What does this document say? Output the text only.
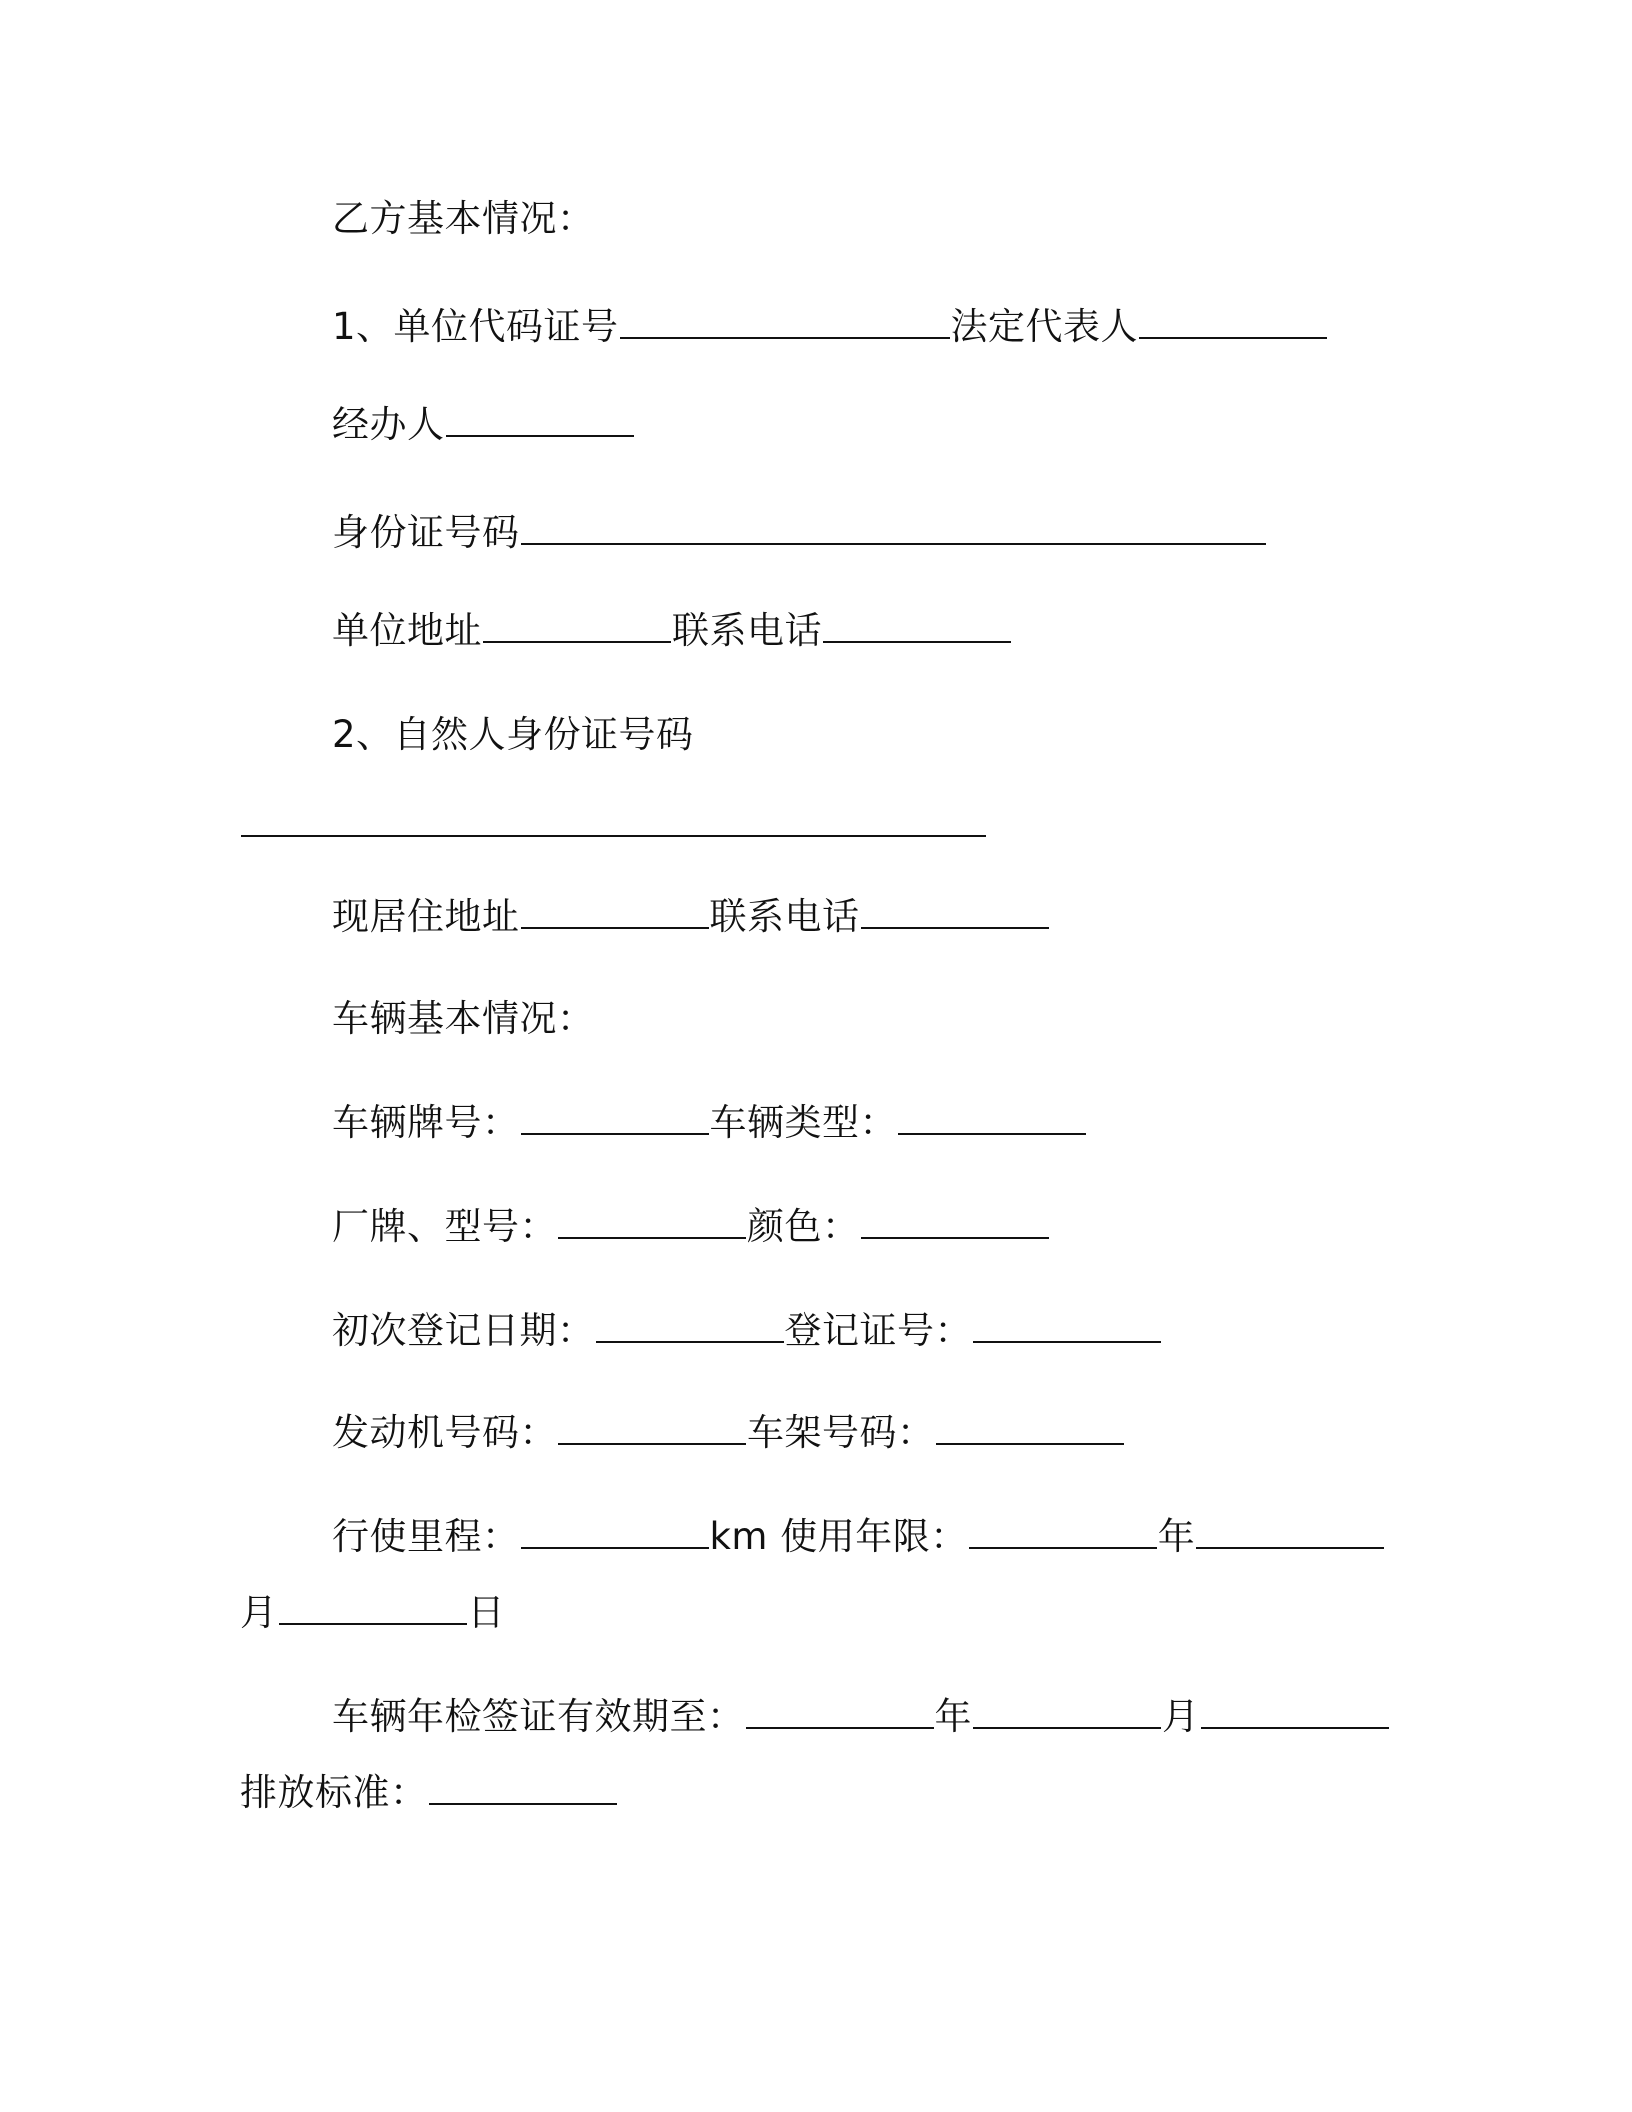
乙方基本情况：
1、单位代码证号	法定代表人
经办人
身份证号码
单位地址	联系电话
2、自然人身份证号码
现居住地址	联系电话
车辆基本情况：
车辆牌号：	车辆类型：
厂牌、型号：	颜色：
初次登记日期：	登记证号：
发动机号码：	车架号码：
行使里程：	km 使用年限：	年
月	日
车辆年检签证有效期至：	年	月
排放标准：
